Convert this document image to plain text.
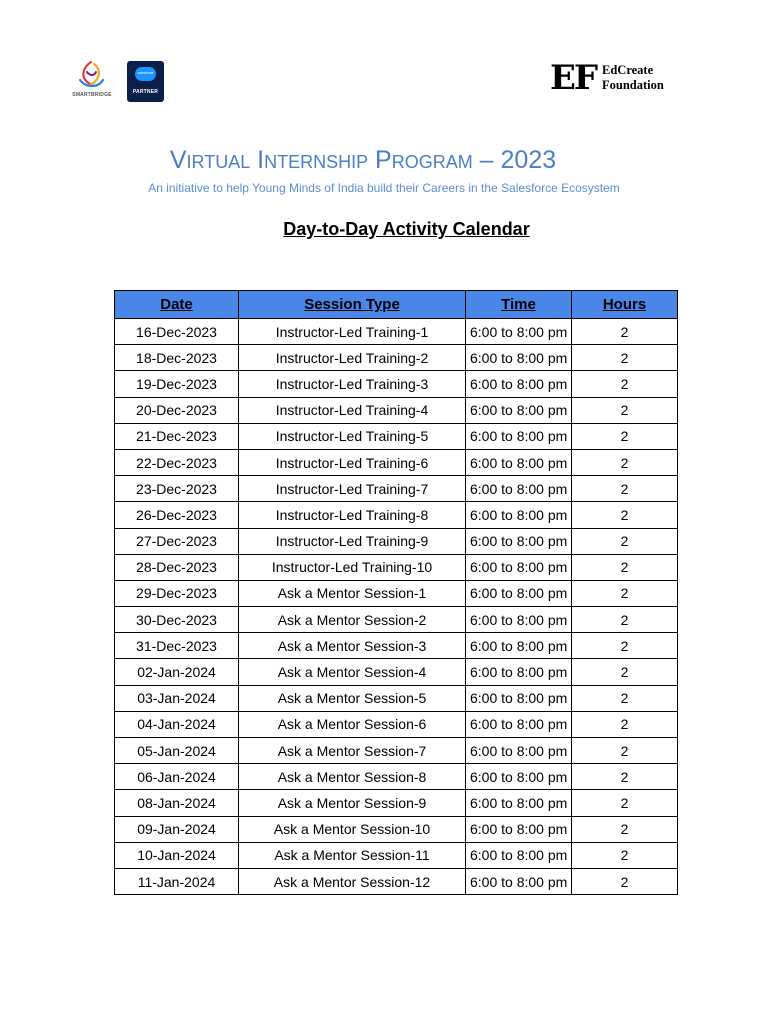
SMARTBRIDGE
salesforce
PARTNER	EF EdCreate
Foundation
Virtual Internship Program – 2023
An initiative to help Young Minds of India build their Careers in the Salesforce Ecosystem
Day-to-Day Activity Calendar
Date	Session Type	Time	Hours
16-Dec-2023	Instructor-Led Training-1	6:00 to 8:00 pm	2
18-Dec-2023	Instructor-Led Training-2	6:00 to 8:00 pm	2
19-Dec-2023	Instructor-Led Training-3	6:00 to 8:00 pm	2
20-Dec-2023	Instructor-Led Training-4	6:00 to 8:00 pm	2
21-Dec-2023	Instructor-Led Training-5	6:00 to 8:00 pm	2
22-Dec-2023	Instructor-Led Training-6	6:00 to 8:00 pm	2
23-Dec-2023	Instructor-Led Training-7	6:00 to 8:00 pm	2
26-Dec-2023	Instructor-Led Training-8	6:00 to 8:00 pm	2
27-Dec-2023	Instructor-Led Training-9	6:00 to 8:00 pm	2
28-Dec-2023	Instructor-Led Training-10	6:00 to 8:00 pm	2
29-Dec-2023	Ask a Mentor Session-1	6:00 to 8:00 pm	2
30-Dec-2023	Ask a Mentor Session-2	6:00 to 8:00 pm	2
31-Dec-2023	Ask a Mentor Session-3	6:00 to 8:00 pm	2
02-Jan-2024	Ask a Mentor Session-4	6:00 to 8:00 pm	2
03-Jan-2024	Ask a Mentor Session-5	6:00 to 8:00 pm	2
04-Jan-2024	Ask a Mentor Session-6	6:00 to 8:00 pm	2
05-Jan-2024	Ask a Mentor Session-7	6:00 to 8:00 pm	2
06-Jan-2024	Ask a Mentor Session-8	6:00 to 8:00 pm	2
08-Jan-2024	Ask a Mentor Session-9	6:00 to 8:00 pm	2
09-Jan-2024	Ask a Mentor Session-10	6:00 to 8:00 pm	2
10-Jan-2024	Ask a Mentor Session-11	6:00 to 8:00 pm	2
11-Jan-2024	Ask a Mentor Session-12	6:00 to 8:00 pm	2
